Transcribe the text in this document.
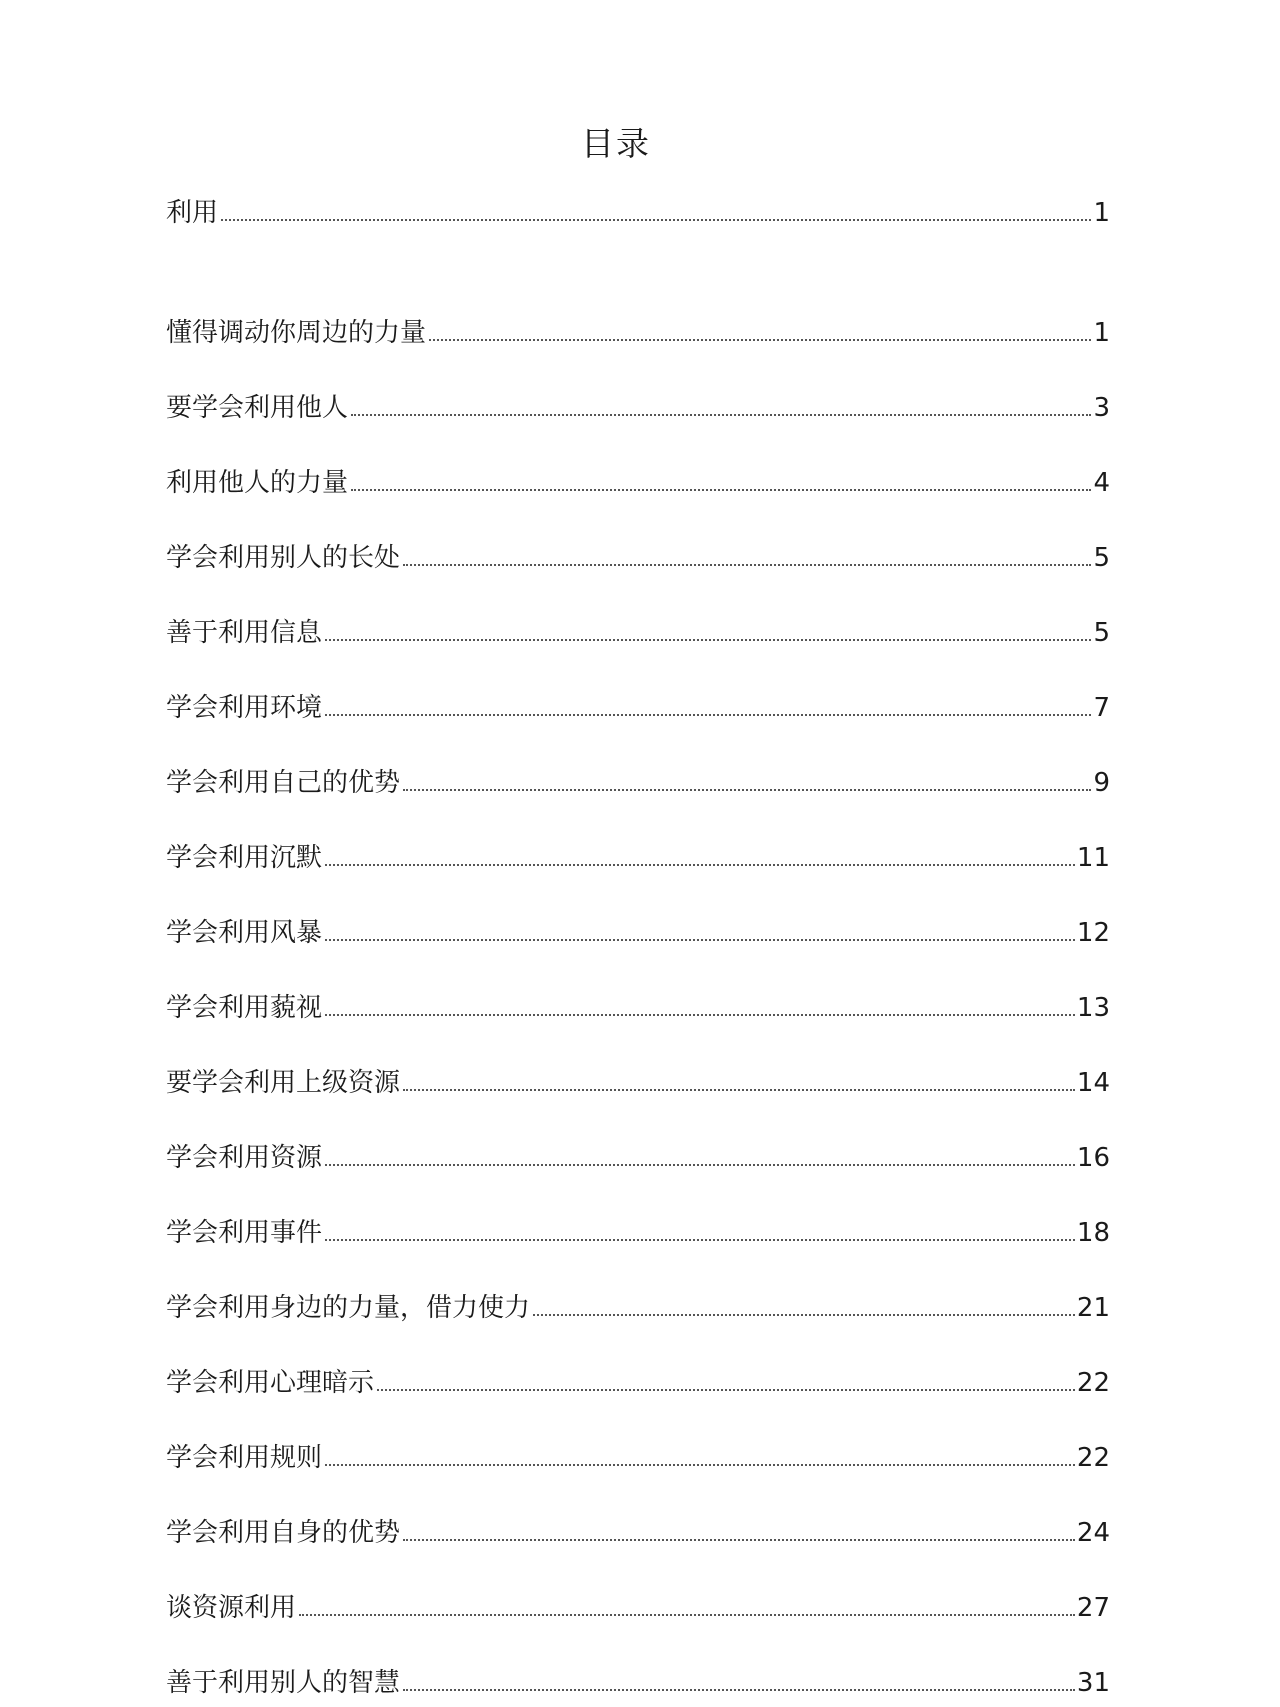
目录
利用	1
懂得调动你周边的力量	1
要学会利用他人	3
利用他人的力量	4
学会利用别人的长处	5
善于利用信息	5
学会利用环境	7
学会利用自己的优势	9
学会利用沉默	11
学会利用风暴	12
学会利用藐视	13
要学会利用上级资源	14
学会利用资源	16
学会利用事件	18
学会利用身边的力量，借力使力	21
学会利用心理暗示	22
学会利用规则	22
学会利用自身的优势	24
谈资源利用	27
善于利用别人的智慧	31
